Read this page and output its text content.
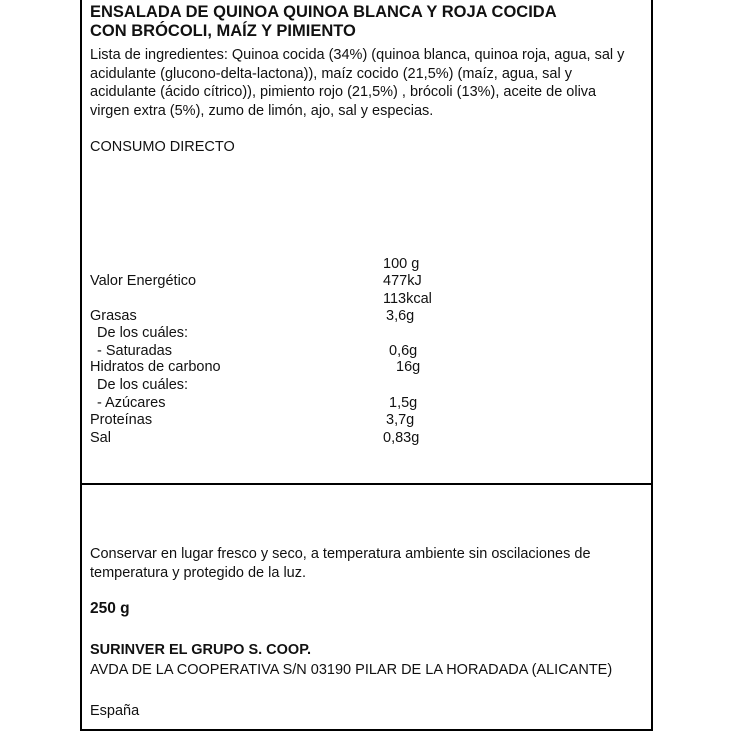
ENSALADA DE QUINOA QUINOA BLANCA Y ROJA COCIDA
CON BRÓCOLI, MAÍZ Y PIMIENTO
Lista de ingredientes: Quinoa cocida (34%) (quinoa blanca, quinoa roja, agua, sal y acidulante (glucono-delta-lactona)), maíz cocido (21,5%) (maíz, agua, sal y acidulante (ácido cítrico)), pimiento rojo (21,5%) , brócoli (13%), aceite de oliva virgen extra (5%), zumo de limón, ajo, sal y especias.
CONSUMO DIRECTO
100 g
Valor Energético	477kJ
113kcal
Grasas	3,6g
De los cuáles:
- Saturadas	0,6g
Hidratos de carbono	16g
De los cuáles:
- Azúcares	1,5g
Proteínas	3,7g
Sal	0,83g
Conservar en lugar fresco y seco, a temperatura ambiente sin oscilaciones de
temperatura y protegido de la luz.
250 g
SURINVER EL GRUPO S. COOP.
AVDA DE LA COOPERATIVA S/N 03190 PILAR DE LA HORADADA (ALICANTE)
España
